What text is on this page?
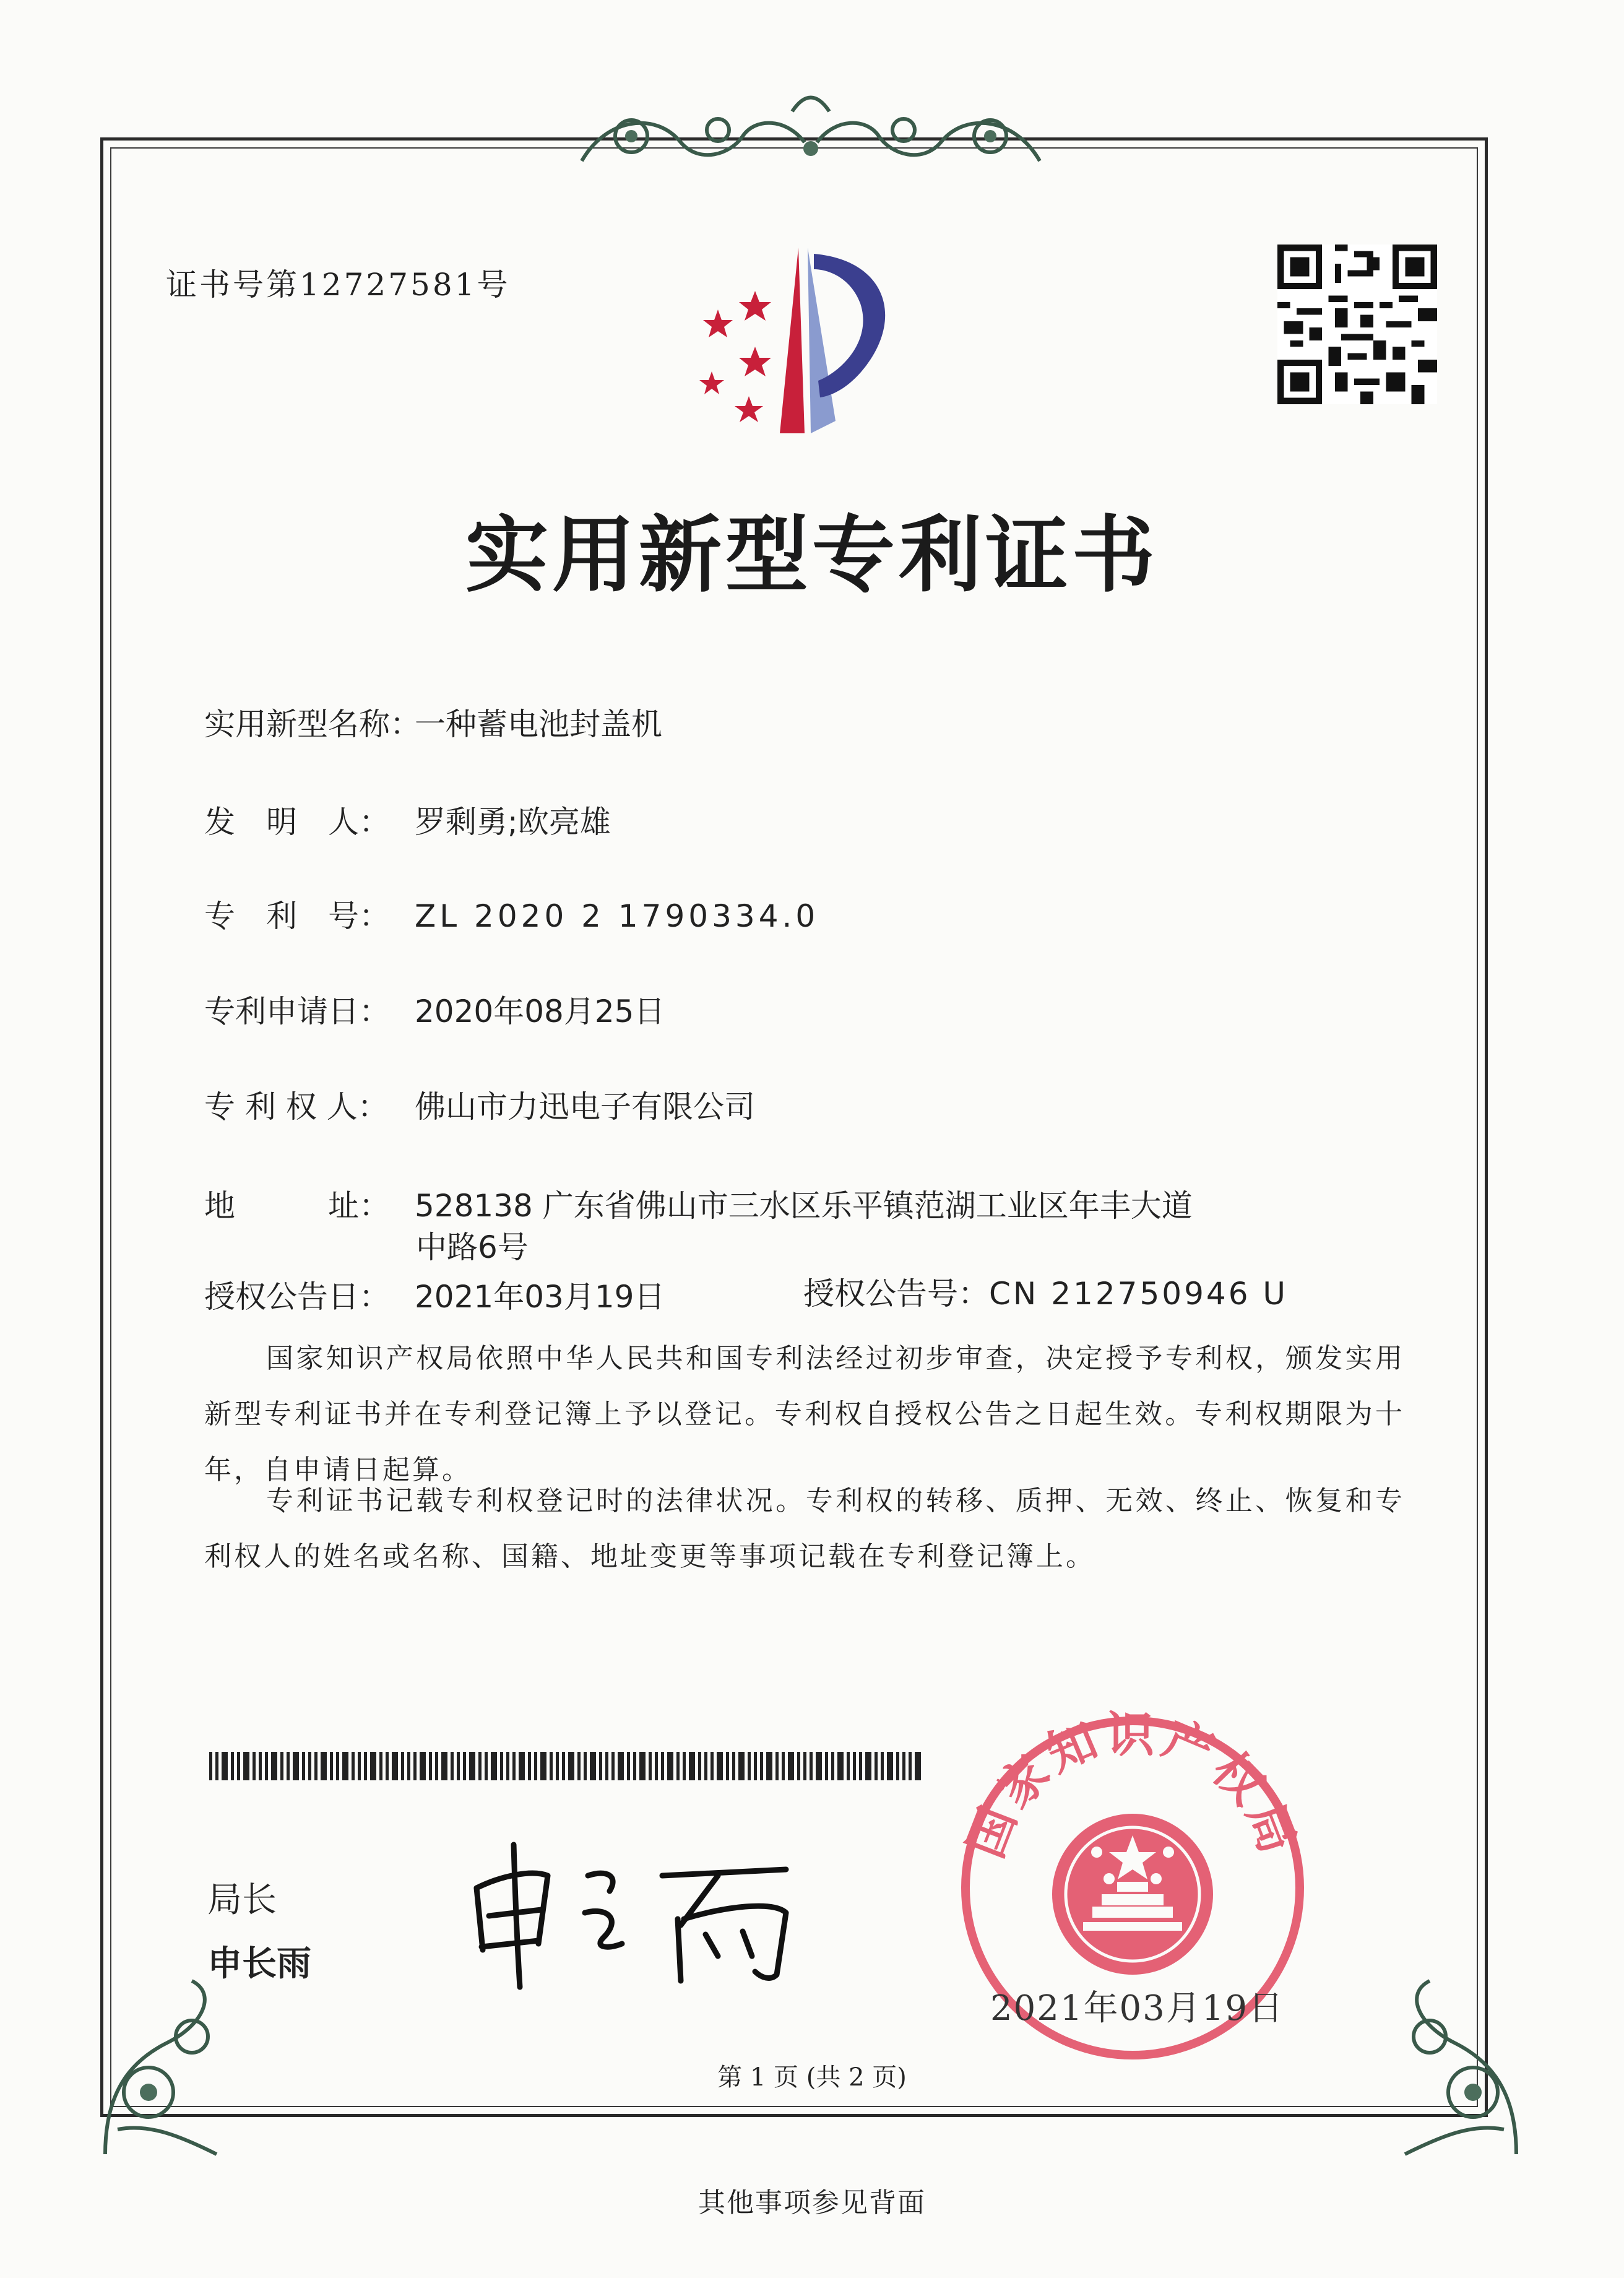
证书号第12727581号
实用新型专利证书
实用新型名称：一种蓄电池封盖机
发　明　人： 罗剩勇;欧亮雄
专　利　号： ZL 2020 2 1790334.0
专利申请日： 2020年08月25日
专 利 权 人： 佛山市力迅电子有限公司
地　　　址： 528138 广东省佛山市三水区乐平镇范湖工业区年丰大道
中路6号
授权公告日： 2021年03月19日	授权公告号：CN 212750946 U
国家知识产权局依照中华人民共和国专利法经过初步审查，决定授予专利权，颁发实用新型专利证书并在专利登记簿上予以登记。专利权自授权公告之日起生效。专利权期限为十年，自申请日起算。
专利证书记载专利权登记时的法律状况。专利权的转移、质押、无效、终止、恢复和专利权人的姓名或名称、国籍、地址变更等事项记载在专利登记簿上。
局长
申长雨
国家知识产权局
2021年03月19日
第 1 页 (共 2 页)
其他事项参见背面
